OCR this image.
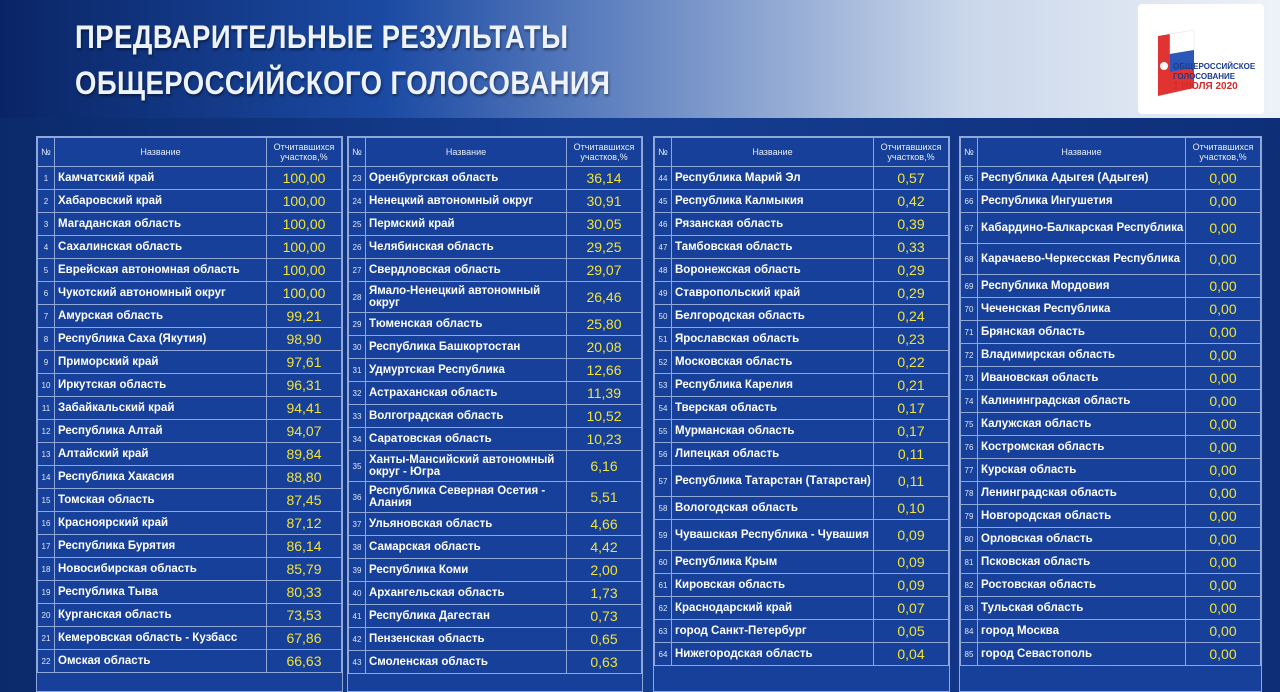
ПРЕДВАРИТЕЛЬНЫЕ РЕЗУЛЬТАТЫ
ОБЩЕРОССИЙСКОГО ГОЛОСОВАНИЯ	ОБЩЕРОССИЙСКОЕ
ГОЛОСОВАНИЕ
1 ИЮЛЯ 2020
№	Название	Отчитавшихся участков,%
1	Камчатский край	100,00
2	Хабаровский край	100,00
3	Магаданская область	100,00
4	Сахалинская область	100,00
5	Еврейская автономная область	100,00
6	Чукотский автономный округ	100,00
7	Амурская область	99,21
8	Республика Саха (Якутия)	98,90
9	Приморский край	97,61
10	Иркутская область	96,31
11	Забайкальский край	94,41
12	Республика Алтай	94,07
13	Алтайский край	89,84
14	Республика Хакасия	88,80
15	Томская область	87,45
16	Красноярский край	87,12
17	Республика Бурятия	86,14
18	Новосибирская область	85,79
19	Республика Тыва	80,33
20	Курганская область	73,53
21	Кемеровская область - Кузбасс	67,86
22	Омская область	66,63
№	Название	Отчитавшихся участков,%
23	Оренбургская область	36,14
24	Ненецкий автономный округ	30,91
25	Пермский край	30,05
26	Челябинская область	29,25
27	Свердловская область	29,07
28	Ямало-Ненецкий автономный округ	26,46
29	Тюменская область	25,80
30	Республика Башкортостан	20,08
31	Удмуртская Республика	12,66
32	Астраханская область	11,39
33	Волгоградская область	10,52
34	Саратовская область	10,23
35	Ханты-Мансийский автономный округ - Югра	6,16
36	Республика Северная Осетия - Алания	5,51
37	Ульяновская область	4,66
38	Самарская область	4,42
39	Республика Коми	2,00
40	Архангельская область	1,73
41	Республика Дагестан	0,73
42	Пензенская область	0,65
43	Смоленская область	0,63
№	Название	Отчитавшихся участков,%
44	Республика Марий Эл	0,57
45	Республика Калмыкия	0,42
46	Рязанская область	0,39
47	Тамбовская область	0,33
48	Воронежская область	0,29
49	Ставропольский край	0,29
50	Белгородская область	0,24
51	Ярославская область	0,23
52	Московская область	0,22
53	Республика Карелия	0,21
54	Тверская область	0,17
55	Мурманская область	0,17
56	Липецкая область	0,11
57	Республика Татарстан (Татарстан)	0,11
58	Вологодская область	0,10
59	Чувашская Республика - Чувашия	0,09
60	Республика Крым	0,09
61	Кировская область	0,09
62	Краснодарский край	0,07
63	город Санкт-Петербург	0,05
64	Нижегородская область	0,04
№	Название	Отчитавшихся участков,%
65	Республика Адыгея (Адыгея)	0,00
66	Республика Ингушетия	0,00
67	Кабардино-Балкарская Республика	0,00
68	Карачаево-Черкесская Республика	0,00
69	Республика Мордовия	0,00
70	Чеченская Республика	0,00
71	Брянская область	0,00
72	Владимирская область	0,00
73	Ивановская область	0,00
74	Калининградская область	0,00
75	Калужская область	0,00
76	Костромская область	0,00
77	Курская область	0,00
78	Ленинградская область	0,00
79	Новгородская область	0,00
80	Орловская область	0,00
81	Псковская область	0,00
82	Ростовская область	0,00
83	Тульская область	0,00
84	город Москва	0,00
85	город Севастополь	0,00
